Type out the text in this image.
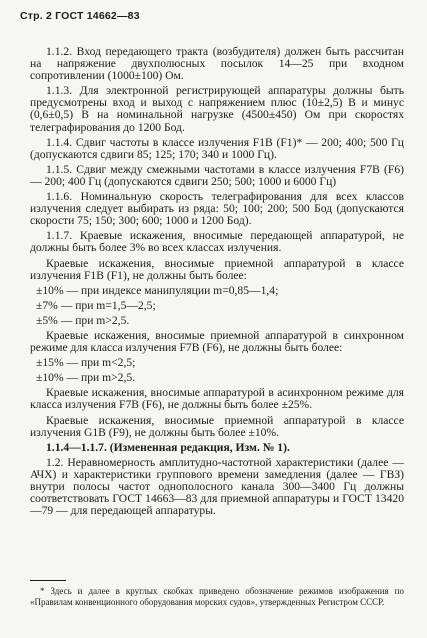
Стр. 2 ГОСТ 14662—83

1.1.2. Вход передающего тракта (возбудителя) должен быть рассчитан на напряжение двухполюсных посылок 14—25 при входном сопротивлении (1000±100) Ом.

1.1.3. Для электронной регистрирующей аппаратуры должны быть предусмотрены вход и выход с напряжением плюс (10±2,5) В и минус (0,6±0,5) В на номинальной нагрузке (4500±450) Ом при скоростях телеграфирования до 1200 Бод.

1.1.4. Сдвиг частоты в классе излучения F1B (F1)* — 200; 400; 500 Гц (допускаются сдвиги 85; 125; 170; 340 и 1000 Гц).

1.1.5. Сдвиг между смежными частотами в классе излучения F7B (F6) — 200; 400 Гц (допускаются сдвиги 250; 500; 1000 и 6000 Гц)

1.1.6. Номинальную скорость телеграфирования для всех классов излучения следует выбирать из ряда: 50; 100; 200; 500 Бод (допускаются скорости 75; 150; 300; 600; 1000 и 1200 Бод).

1.1.7. Краевые искажения, вносимые передающей аппаратурой, не должны быть более 3% во всех классах излучения.

Краевые искажения, вносимые приемной аппаратурой в классе излучения F1B (F1), не должны быть более:

±10% — при индексе манипуляции m=0,85—1,4;

±7% — при m=1,5—2,5;

±5% — при m>2,5.

Краевые искажения, вносимые приемной аппаратурой в синхронном режиме для класса излучения F7B (F6), не должны быть более:

±15% — при m<2,5;

±10% — при m>2,5.

Краевые искажения, вносимые аппаратурой в асинхронном режиме для класса излучения F7B (F6), не должны быть более ±25%.

Краевые искажения, вносимые приемной аппаратурой в классе излучения G1B (F9), не должны быть более ±10%.

1.1.4—1.1.7. (Измененная редакция, Изм. № 1).

1.2. Неравномерность амплитудно-частотной характеристики (далее — АЧХ) и характеристики группового времени замедления (далее — ГВЗ) внутри полосы частот однополосного канала 300—3400 Гц должны соответствовать ГОСТ 14663—83 для приемной аппаратуры и ГОСТ 13420—79 — для передающей аппаратуры.

* Здесь и далее в круглых скобках приведено обозначение режимов изображения по «Правилам конвенционного оборудования морских судов», утвержденных Регистром СССР.
